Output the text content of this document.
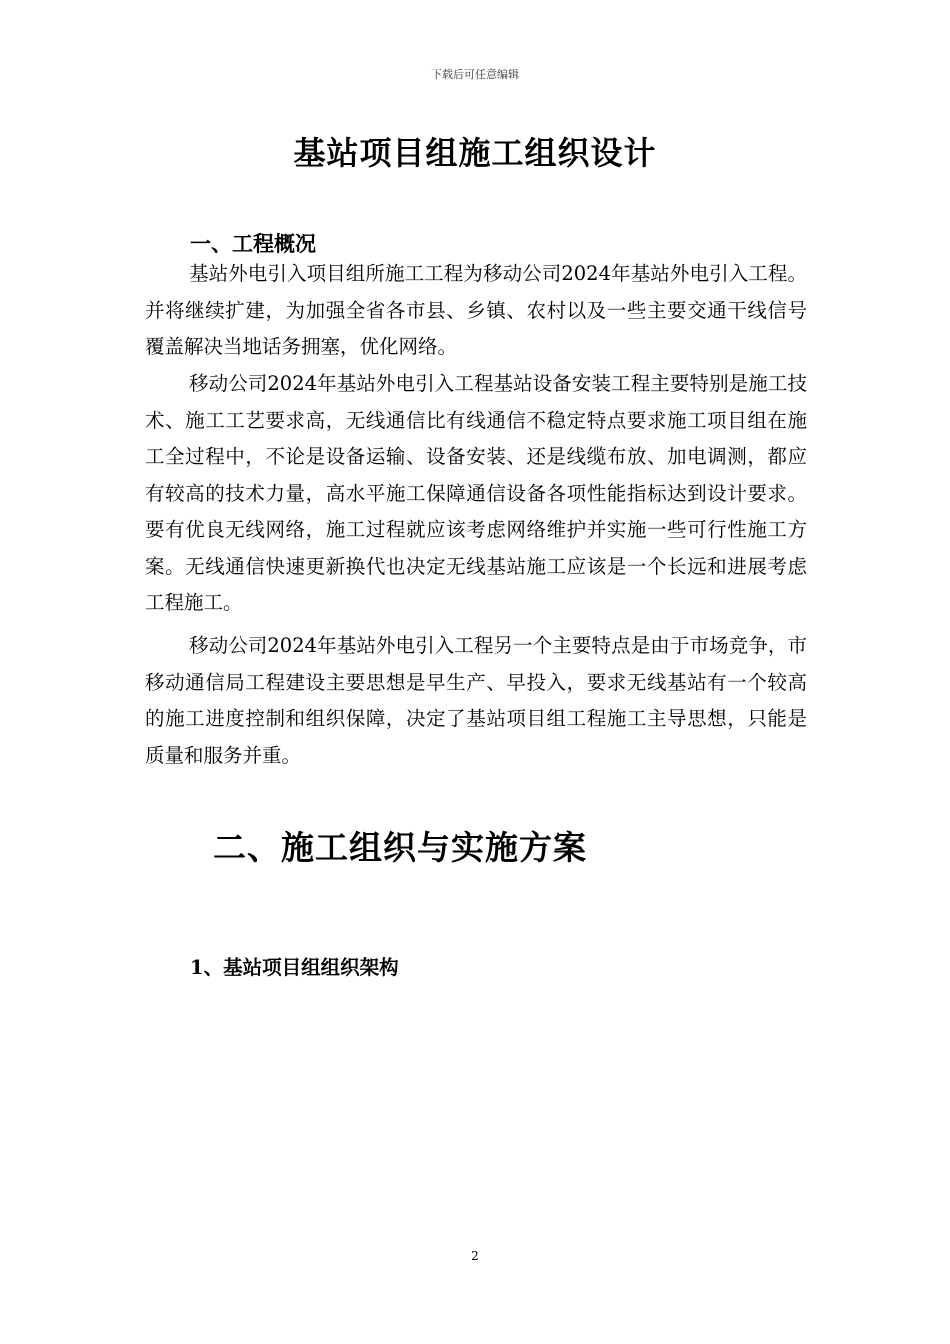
下载后可任意编辑
基站项目组施工组织设计
一、工程概况

基站外电引入项目组所施工工程为移动公司2024年基站外电引入工程。并将继续扩建，为加强全省各市县、乡镇、农村以及一些主要交通干线信号覆盖解决当地话务拥塞，优化网络。

移动公司2024年基站外电引入工程基站设备安装工程主要特别是施工技术、施工工艺要求高，无线通信比有线通信不稳定特点要求施工项目组在施工全过程中，不论是设备运输、设备安装、还是线缆布放、加电调测，都应有较高的技术力量，高水平施工保障通信设备各项性能指标达到设计要求。要有优良无线网络，施工过程就应该考虑网络维护并实施一些可行性施工方案。无线通信快速更新换代也决定无线基站施工应该是一个长远和进展考虑工程施工。

移动公司2024年基站外电引入工程另一个主要特点是由于市场竞争，市移动通信局工程建设主要思想是早生产、早投入，要求无线基站有一个较高的施工进度控制和组织保障，决定了基站项目组工程施工主导思想，只能是质量和服务并重。

二、施工组织与实施方案
1、基站项目组组织架构
2
